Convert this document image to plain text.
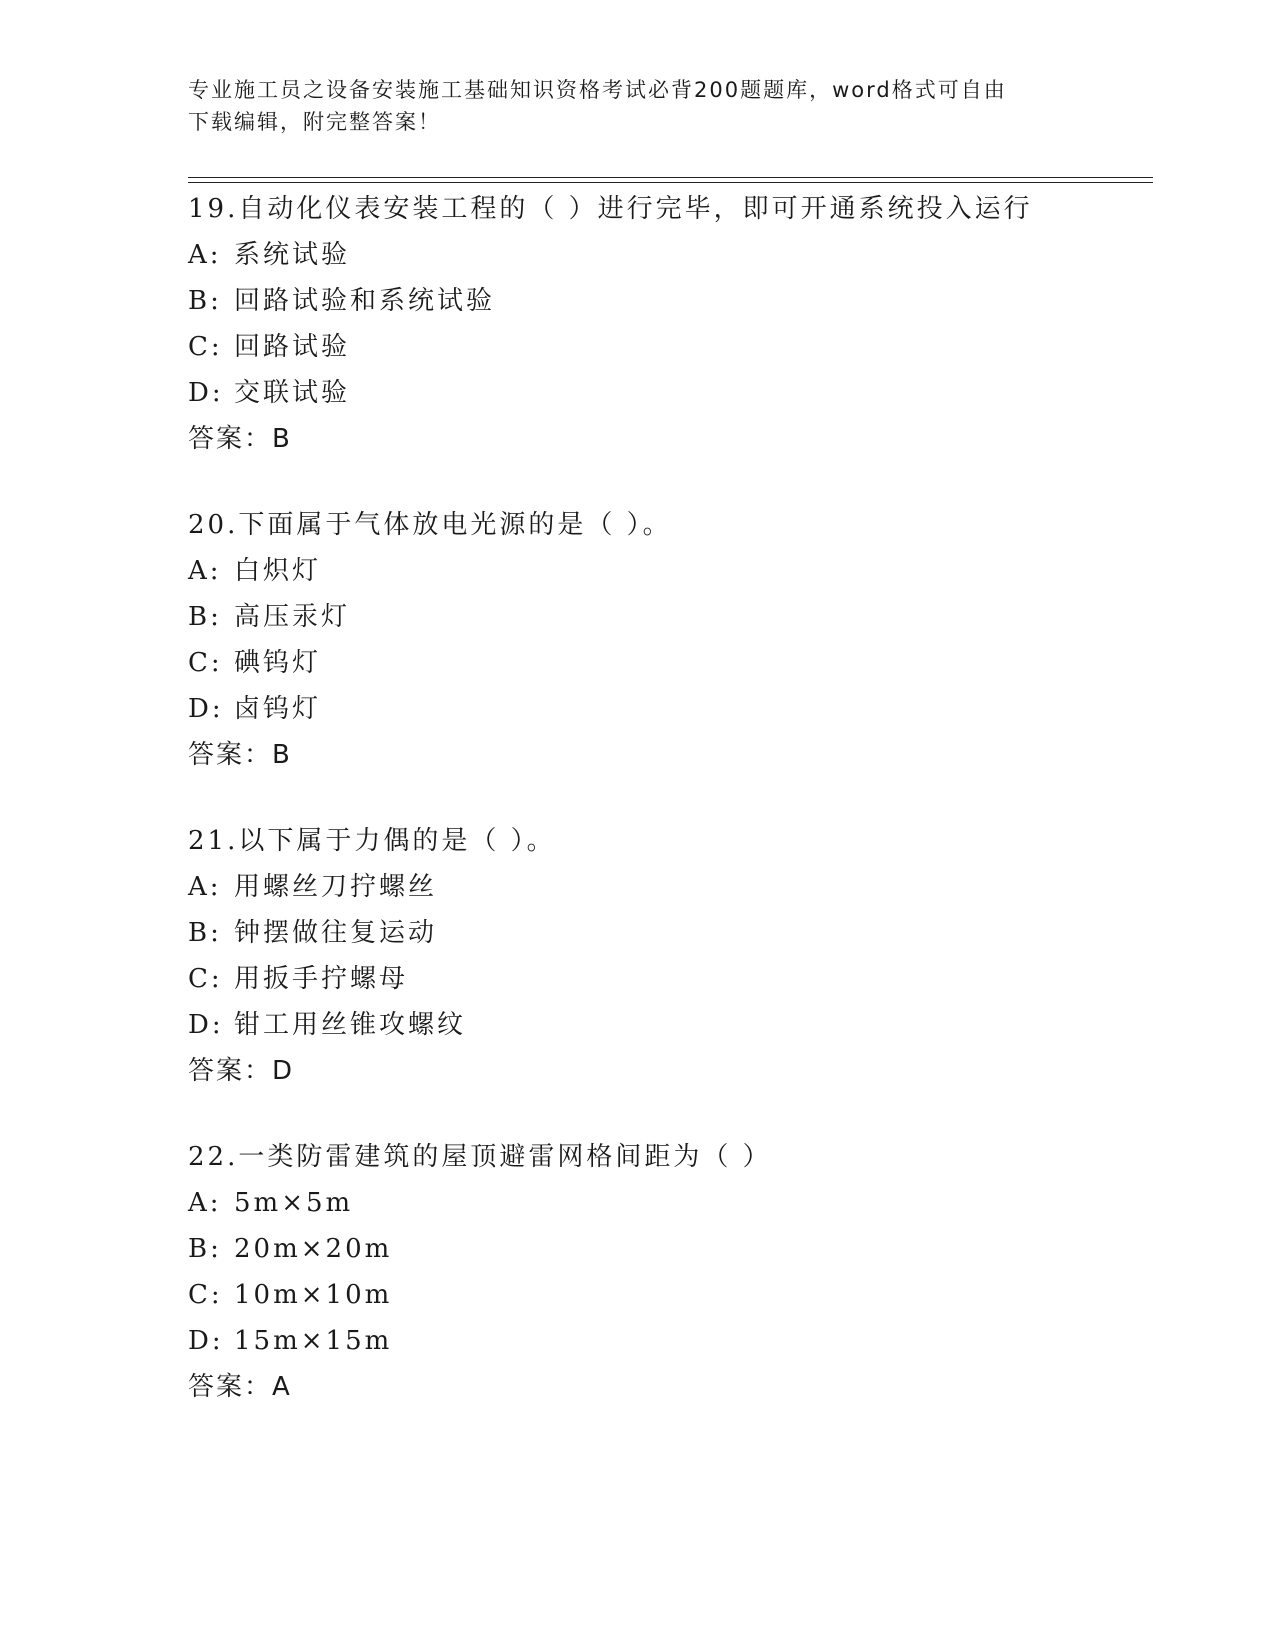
专业施工员之设备安装施工基础知识资格考试必背200题题库，word格式可自由
下载编辑，附完整答案！
19.自动化仪表安装工程的（ ）进行完毕，即可开通系统投入运行
A: 系统试验
B: 回路试验和系统试验
C: 回路试验
D: 交联试验
答案：B
20.下面属于气体放电光源的是（ ）。
A: 白炽灯
B: 高压汞灯
C: 碘钨灯
D: 卤钨灯
答案：B
21.以下属于力偶的是（ ）。
A: 用螺丝刀拧螺丝
B: 钟摆做往复运动
C: 用扳手拧螺母
D: 钳工用丝锥攻螺纹
答案：D
22.一类防雷建筑的屋顶避雷网格间距为（ ）
A: 5m×5m
B: 20m×20m
C: 10m×10m
D: 15m×15m
答案：A
